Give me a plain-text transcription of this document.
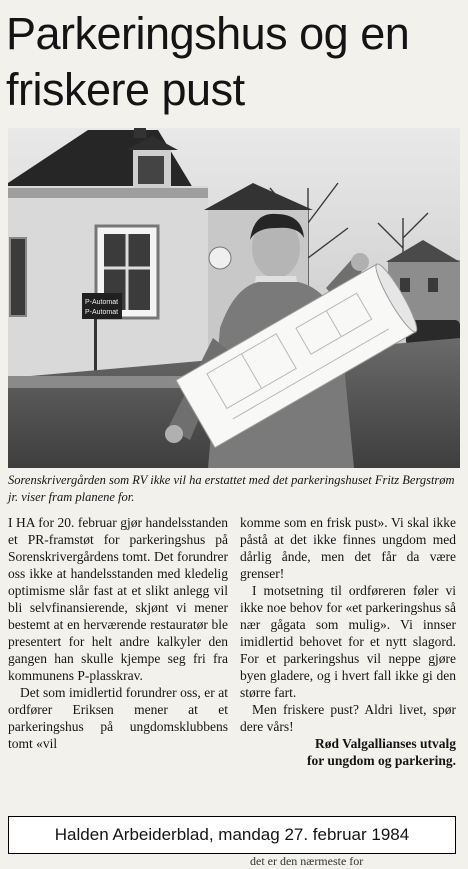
Parkeringshus og en friskere pust
P-Automat
P-Automat
Sorenskrivergården som RV ikke vil ha erstattet med det parkeringshuset Fritz Bergstrøm jr. viser fram planene for.

I HA for 20. februar gjør handelsstanden et PR-framstøt for parkeringshus på Sorenskrivergårdens tomt. Det forundrer oss ikke at handelsstanden med kledelig optimisme slår fast at et slikt anlegg vil bli selvfinansierende, skjønt vi mener bestemt at en herværende restauratør ble presentert for helt andre kalkyler den gangen han skulle kjempe seg fri fra kommunens P-plasskrav.

Det som imidlertid forundrer oss, er at ordfører Eriksen mener at et parkeringshus på ungdomsklubbens tomt «vil

komme som en frisk pust». Vi skal ikke påstå at det ikke finnes ungdom med dårlig ånde, men det får da være grenser!

I motsetning til ordføreren føler vi ikke noe behov for «et parkeringshus så nær gågata som mulig». Vi innser imidlertid behovet for et nytt slagord. For et parkeringshus vil neppe gjøre byen gladere, og i hvert fall ikke gi den større fart.

Men friskere pust? Aldri livet, spør dere vårs!

Rød Valgallianses utvalg

for ungdom og parkering.

Halden Arbeiderblad, mandag 27. februar 1984
det er den nærmeste for
